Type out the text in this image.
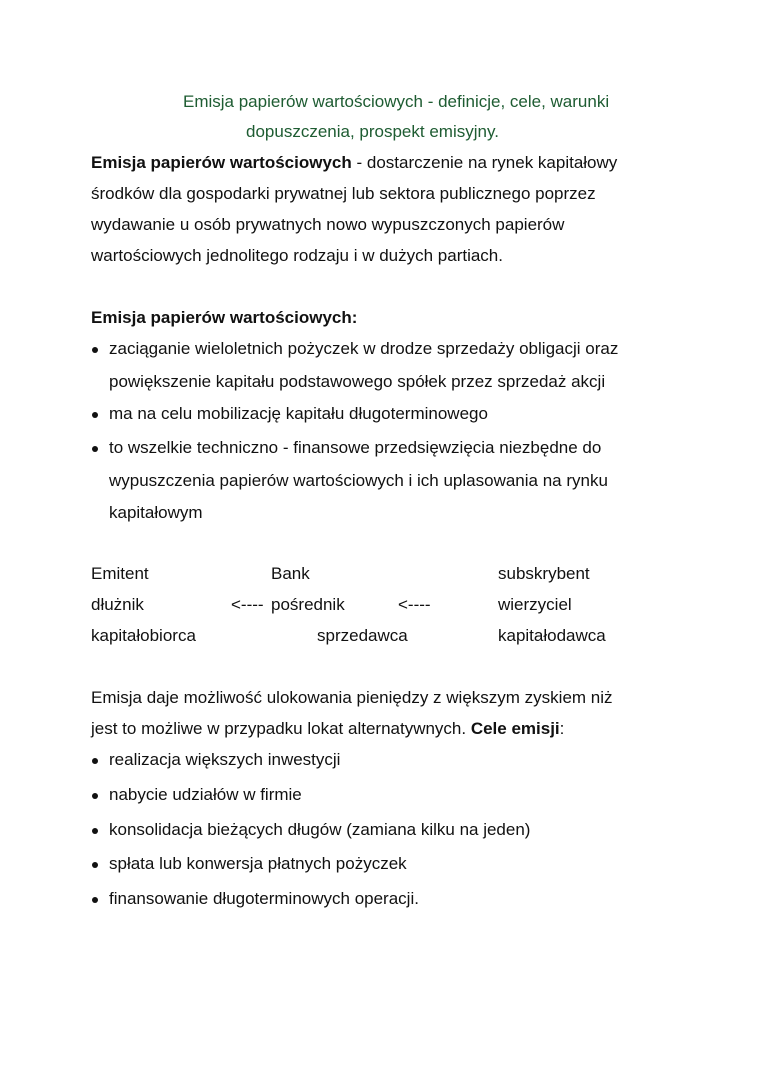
Emisja papierów wartościowych - definicje, cele, warunki
dopuszczenia, prospekt emisyjny.
Emisja papierów wartościowych - dostarczenie na rynek kapitałowy
środków dla gospodarki prywatnej lub sektora publicznego poprzez
wydawanie u osób prywatnych nowo wypuszczonych papierów
wartościowych jednolitego rodzaju i w dużych partiach.
Emisja papierów wartościowych:
zaciąganie wieloletnich pożyczek w drodze sprzedaży obligacji oraz
powiększenie kapitału podstawowego spółek przez sprzedaż akcji
ma na celu mobilizację kapitału długoterminowego
to wszelkie techniczno - finansowe przedsięwzięcia niezbędne do
wypuszczenia papierów wartościowych i ich uplasowania na rynku
kapitałowym
Emitent	Bank	subskrybent
dłużnik	<---- pośrednik	<----	wierzyciel
kapitałobiorca	sprzedawca	kapitałodawca
Emisja daje możliwość ulokowania pieniędzy z większym zyskiem niż
jest to możliwe w przypadku lokat alternatywnych. Cele emisji:
realizacja większych inwestycji
nabycie udziałów w firmie
konsolidacja bieżących długów (zamiana kilku na jeden)
spłata lub konwersja płatnych pożyczek
finansowanie długoterminowych operacji.
